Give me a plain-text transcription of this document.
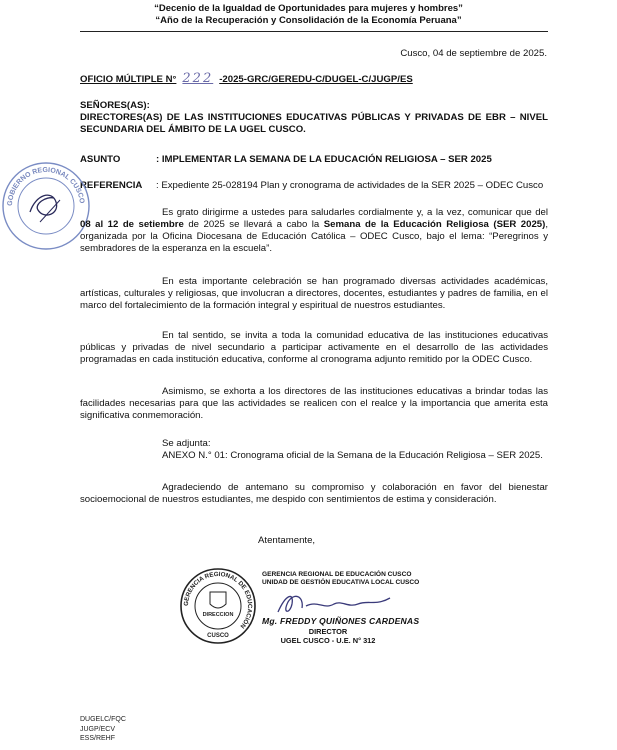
“Decenio de la Igualdad de Oportunidades para mujeres y hombres”
“Año de la Recuperación y Consolidación de la Economía Peruana”
Cusco, 04 de septiembre de 2025.
OFICIO MÚLTIPLE N° 222 -2025-GRC/GEREDU-C/DUGEL-C/JUGP/ES
SEÑORES(AS):
DIRECTORES(AS) DE LAS INSTITUCIONES EDUCATIVAS PÚBLICAS Y PRIVADAS DE EBR – NIVEL SECUNDARIA DEL ÁMBITO DE LA UGEL CUSCO.
ASUNTO	: IMPLEMENTAR LA SEMANA DE LA EDUCACIÓN RELIGIOSA – SER 2025
REFERENCIA : Expediente 25-028194 Plan y cronograma de actividades de la SER 2025 – ODEC Cusco
GOBIERNO REGIONAL CUSCO
Es grato dirigirme a ustedes para saludarles cordialmente y, a la vez, comunicar que del 08 al 12 de setiembre de 2025 se llevará a cabo la Semana de la Educación Religiosa (SER 2025), organizada por la Oficina Diocesana de Educación Católica – ODEC Cusco, bajo el lema: “Peregrinos y sembradores de la esperanza en la escuela”.
En esta importante celebración se han programado diversas actividades académicas, artísticas, culturales y religiosas, que involucran a directores, docentes, estudiantes y padres de familia, en el marco del fortalecimiento de la formación integral y espiritual de nuestros estudiantes.
En tal sentido, se invita a toda la comunidad educativa de las instituciones educativas públicas y privadas de nivel secundario a participar activamente en el desarrollo de las actividades programadas en cada institución educativa, conforme al cronograma adjunto remitido por la ODEC Cusco.
Asimismo, se exhorta a los directores de las instituciones educativas a brindar todas las facilidades necesarias para que las actividades se realicen con el realce y la importancia que amerita esta significativa conmemoración.
Se adjunta:
ANEXO N.° 01: Cronograma oficial de la Semana de la Educación Religiosa – SER 2025.
Agradeciendo de antemano su compromiso y colaboración en favor del bienestar socioemocional de nuestros estudiantes, me despido con sentimientos de estima y consideración.
Atentamente,
GERENCIA REGIONAL DE EDUCACIÓN
DIRECCION
CUSCO
GERENCIA REGIONAL DE EDUCACIÓN CUSCO
UNIDAD DE GESTIÓN EDUCATIVA LOCAL CUSCO
Mg. FREDDY QUIÑONES CARDENAS
DIRECTOR
UGEL CUSCO - U.E. N° 312
DUGELC/FQC
JUGP/ECV
ESS/REHF
